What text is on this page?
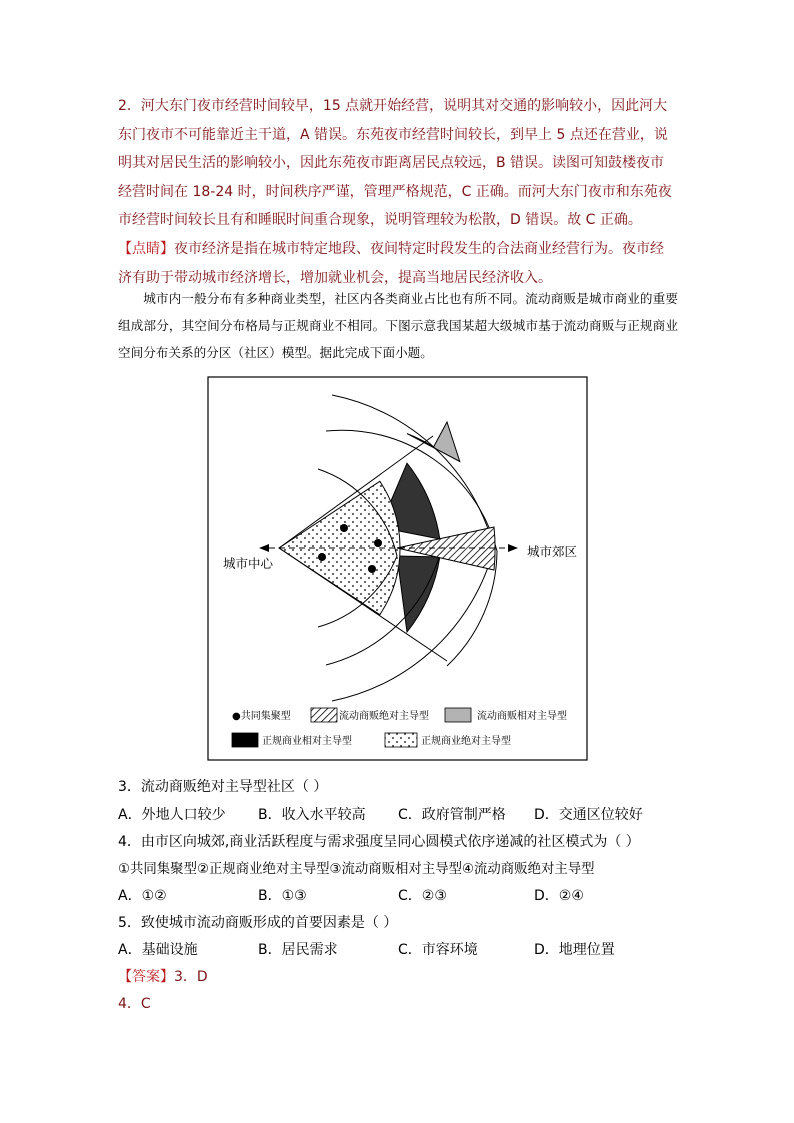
2．河大东门夜市经营时间较早，15 点就开始经营，说明其对交通的影响较小，因此河大

东门夜市不可能靠近主干道，A 错误。东苑夜市经营时间较长，到早上 5 点还在营业，说

明其对居民生活的影响较小，因此东苑夜市距离居民点较远，B 错误。读图可知鼓楼夜市

经营时间在 18-24 时，时间秩序严谨，管理严格规范，C 正确。而河大东门夜市和东苑夜

市经营时间较长且有和睡眠时间重合现象，说明管理较为松散，D 错误。故 C 正确。

【点睛】夜市经济是指在城市特定地段、夜间特定时段发生的合法商业经营行为。夜市经

济有助于带动城市经济增长，增加就业机会，提高当地居民经济收入。

城市内一般分布有多种商业类型，社区内各类商业占比也有所不同。流动商贩是城市商业的重要组成部分，其空间分布格局与正规商业不相同。下图示意我国某超大级城市基于流动商贩与正规商业空间分布关系的分区（社区）模型。据此完成下面小题。

城市中心
城市郊区
●共同集聚型	流动商贩绝对主导型	流动商贩相对主导型
正规商业相对主导型	正规商业绝对主导型
3．流动商贩绝对主导型社区（ ）
A．外地人口较少 B．收入水平较高 C．政府管制严格 D．交通区位较好
4．由市区向城郊,商业活跃程度与需求强度呈同心圆模式依序递减的社区模式为（ ）
①共同集聚型②正规商业绝对主导型③流动商贩相对主导型④流动商贩绝对主导型
A．①②	B．①③	C．②③	D．②④
5．致使城市流动商贩形成的首要因素是（ ）
A．基础设施	B．居民需求	C．市容环境	D．地理位置
【答案】3．D
4．C
